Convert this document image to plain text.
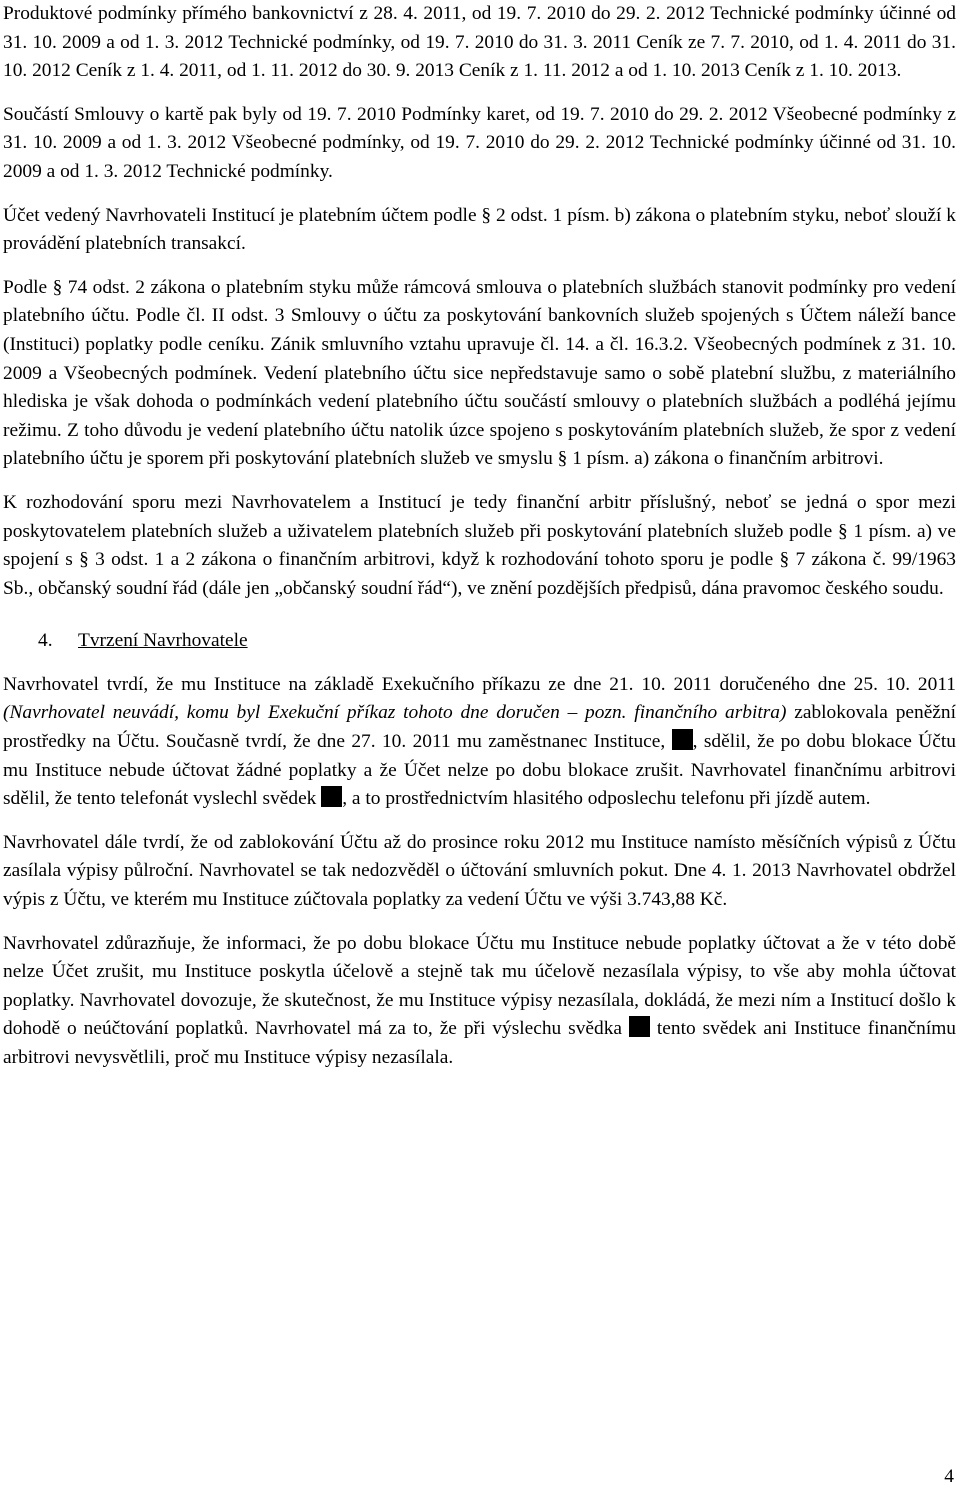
Produktové podmínky přímého bankovnictví z 28. 4. 2011, od 19. 7. 2010 do 29. 2. 2012 Technické podmínky účinné od 31. 10. 2009 a od 1. 3. 2012 Technické podmínky, od 19. 7. 2010 do 31. 3. 2011 Ceník ze 7. 7. 2010, od 1. 4. 2011 do 31. 10. 2012 Ceník z 1. 4. 2011, od 1. 11. 2012 do 30. 9. 2013 Ceník z 1. 11. 2012 a od 1. 10. 2013 Ceník z 1. 10. 2013.

Součástí Smlouvy o kartě pak byly od 19. 7. 2010 Podmínky karet, od 19. 7. 2010 do 29. 2. 2012 Všeobecné podmínky z 31. 10. 2009 a od 1. 3. 2012 Všeobecné podmínky, od 19. 7. 2010 do 29. 2. 2012 Technické podmínky účinné od 31. 10. 2009 a od 1. 3. 2012 Technické podmínky.

Účet vedený Navrhovateli Institucí je platebním účtem podle § 2 odst. 1 písm. b) zákona o platebním styku, neboť slouží k provádění platebních transakcí.

Podle § 74 odst. 2 zákona o platebním styku může rámcová smlouva o platebních službách stanovit podmínky pro vedení platebního účtu. Podle čl. II odst. 3 Smlouvy o účtu za poskytování bankovních služeb spojených s Účtem náleží bance (Instituci) poplatky podle ceníku. Zánik smluvního vztahu upravuje čl. 14. a čl. 16.3.2. Všeobecných podmínek z 31. 10. 2009 a Všeobecných podmínek. Vedení platebního účtu sice nepředstavuje samo o sobě platební službu, z materiálního hlediska je však dohoda o podmínkách vedení platebního účtu součástí smlouvy o platebních službách a podléhá jejímu režimu. Z toho důvodu je vedení platebního účtu natolik úzce spojeno s poskytováním platebních služeb, že spor z vedení platebního účtu je sporem při poskytování platebních služeb ve smyslu § 1 písm. a) zákona o finančním arbitrovi.

K rozhodování sporu mezi Navrhovatelem a Institucí je tedy finanční arbitr příslušný, neboť se jedná o spor mezi poskytovatelem platebních služeb a uživatelem platebních služeb při poskytování platebních služeb podle § 1 písm. a) ve spojení s § 3 odst. 1 a 2 zákona o finančním arbitrovi, když k rozhodování tohoto sporu je podle § 7 zákona č. 99/1963 Sb., občanský soudní řád (dále jen „občanský soudní řád“), ve znění pozdějších předpisů, dána pravomoc českého soudu.

4. Tvrzení Navrhovatele

Navrhovatel tvrdí, že mu Instituce na základě Exekučního příkazu ze dne 21. 10. 2011 doručeného dne 25. 10. 2011 (Navrhovatel neuvádí, komu byl Exekuční příkaz tohoto dne doručen – pozn. finančního arbitra) zablokovala peněžní prostředky na Účtu. Současně tvrdí, že dne 27. 10. 2011 mu zaměstnanec Instituce, , sdělil, že po dobu blokace Účtu mu Instituce nebude účtovat žádné poplatky a že Účet nelze po dobu blokace zrušit. Navrhovatel finančnímu arbitrovi sdělil, že tento telefonát vyslechl svědek , a to prostřednictvím hlasitého odposlechu telefonu při jízdě autem.

Navrhovatel dále tvrdí, že od zablokování Účtu až do prosince roku 2012 mu Instituce namísto měsíčních výpisů z Účtu zasílala výpisy půlroční. Navrhovatel se tak nedozvěděl o účtování smluvních pokut. Dne 4. 1. 2013 Navrhovatel obdržel výpis z Účtu, ve kterém mu Instituce zúčtovala poplatky za vedení Účtu ve výši 3.743,88 Kč.

Navrhovatel zdůrazňuje, že informaci, že po dobu blokace Účtu mu Instituce nebude poplatky účtovat a že v této době nelze Účet zrušit, mu Instituce poskytla účelově a stejně tak mu účelově nezasílala výpisy, to vše aby mohla účtovat poplatky. Navrhovatel dovozuje, že skutečnost, že mu Instituce výpisy nezasílala, dokládá, že mezi ním a Institucí došlo k dohodě o neúčtování poplatků. Navrhovatel má za to, že při výslechu svědka  tento svědek ani Instituce finančnímu arbitrovi nevysvětlili, proč mu Instituce výpisy nezasílala.

4
